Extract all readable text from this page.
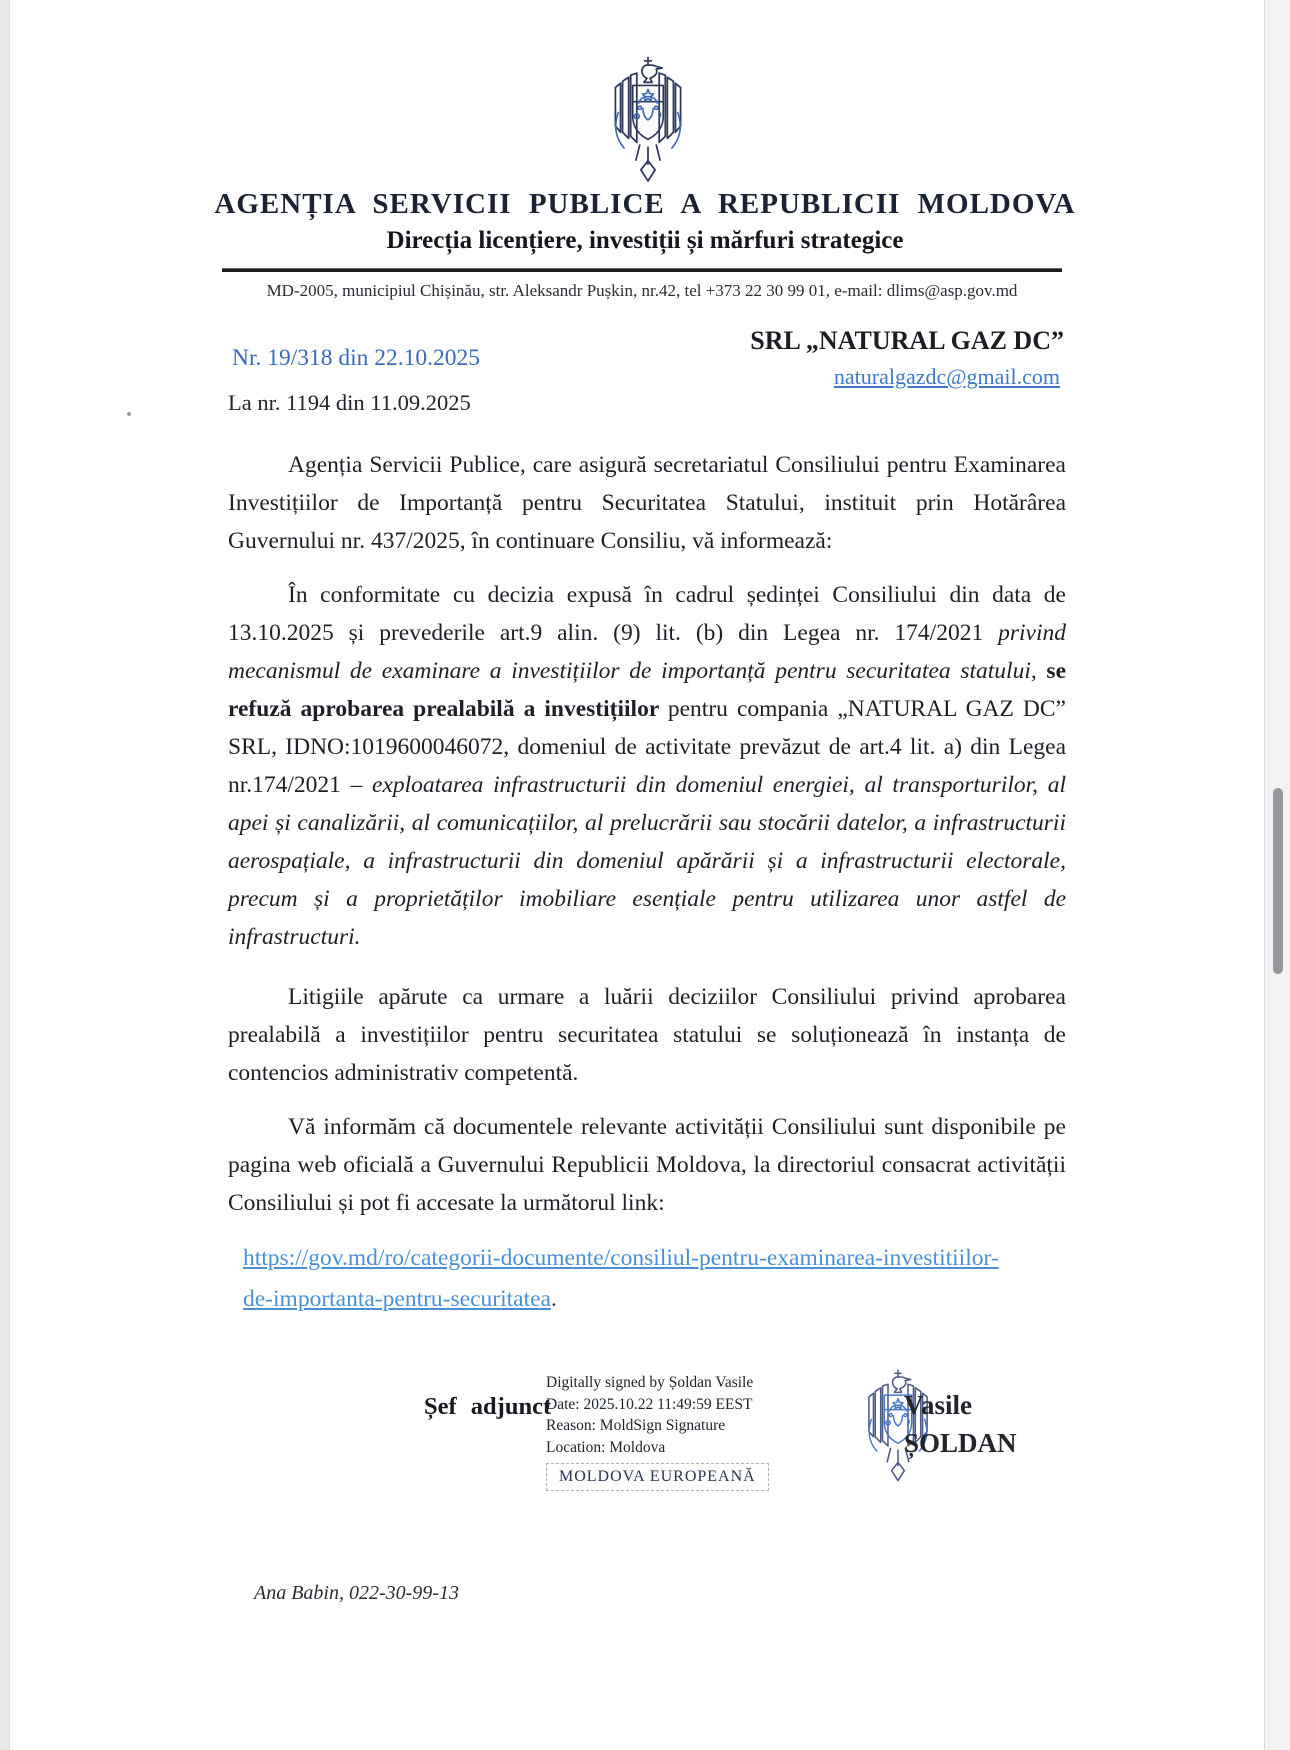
AGENȚIA SERVICII PUBLICE A REPUBLICII MOLDOVA
Direcția licențiere, investiții și mărfuri strategice
MD-2005, municipiul Chișinău, str. Aleksandr Pușkin, nr.42, tel +373 22 30 99 01, e-mail: dlims@asp.gov.md
Nr. 19/318 din 22.10.2025
La nr. 1194 din 11.09.2025
SRL „NATURAL GAZ DC”
naturalgazdc@gmail.com

Agenția Servicii Publice, care asigură secretariatul Consiliului pentru Examinarea Investițiilor de Importanță pentru Securitatea Statului, instituit prin Hotărârea Guvernului nr. 437/2025, în continuare Consiliu, vă informează:

În conformitate cu decizia expusă în cadrul ședinței Consiliului din data de 13.10.2025 și prevederile art.9 alin. (9) lit. (b) din Legea nr. 174/2021 privind mecanismul de examinare a investițiilor de importanță pentru securitatea statului, se refuză aprobarea prealabilă a investițiilor pentru compania „NATURAL GAZ DC” SRL, IDNO:1019600046072, domeniul de activitate prevăzut de art.4 lit. a) din Legea nr.174/2021 – exploatarea infrastructurii din domeniul energiei, al transporturilor, al apei și canalizării, al comunicațiilor, al prelucrării sau stocării datelor, a infrastructurii aerospațiale, a infrastructurii din domeniul apărării și a infrastructurii electorale, precum și a proprietăților imobiliare esențiale pentru utilizarea unor astfel de infrastructuri.

Litigiile apărute ca urmare a luării deciziilor Consiliului privind aprobarea prealabilă a investițiilor pentru securitatea statului se soluționează în instanța de contencios administrativ competentă.

Vă informăm că documentele relevante activității Consiliului sunt disponibile pe pagina web oficială a Guvernului Republicii Moldova, la directoriul consacrat activității Consiliului și pot fi accesate la următorul link:

https://gov.md/ro/categorii-documente/consiliul-pentru-examinarea-investitiilor-
de-importanta-pentru-securitatea.
Șef adjunct
Digitally signed by Șoldan Vasile
Date: 2025.10.22 11:49:59 EEST
Reason: MoldSign Signature
Location: Moldova
MOLDOVA EUROPEANĂ
Vasile ȘOLDAN
Ana Babin, 022-30-99-13
